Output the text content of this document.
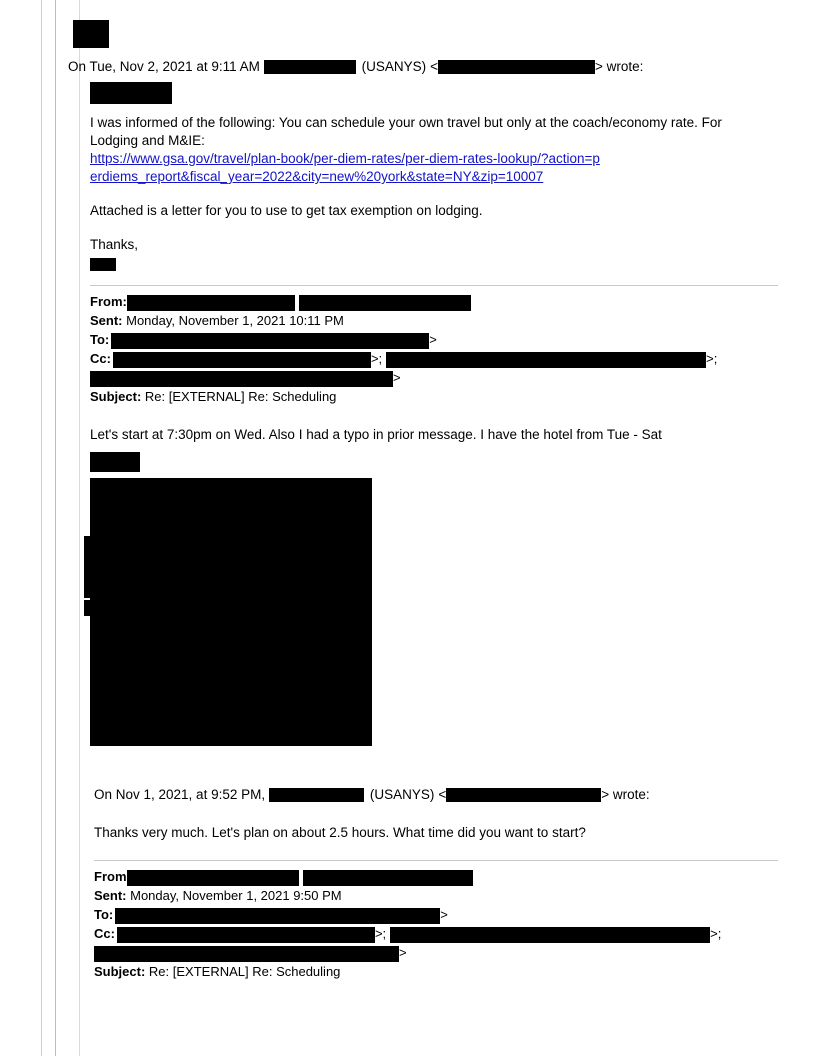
On Tue, Nov 2, 2021 at 9:11 AM	(USANYS) <	> wrote:
I was informed of the following: You can schedule your own travel but only at the coach/economy rate. For Lodging and M&IE:
https://www.gsa.gov/travel/plan-book/per-diem-rates/per-diem-rates-lookup/?action=perdiems_report&fiscal_year=2022&city=new%20york&state=NY&zip=10007
Attached is a letter for you to use to get tax exemption on lodging.
Thanks,
From:
Sent: Monday, November 1, 2021 10:11 PM
To:	>
Cc:	>;	>;
>
Subject: Re: [EXTERNAL] Re: Scheduling
Let's start at 7:30pm on Wed. Also I had a typo in prior message. I have the hotel from Tue - Sat
On Nov 1, 2021, at 9:52 PM,	(USANYS) <	> wrote:
Thanks very much. Let's plan on about 2.5 hours. What time did you want to start?
From
Sent: Monday, November 1, 2021 9:50 PM
To:	>
Cc:	>;	>;
>
Subject: Re: [EXTERNAL] Re: Scheduling
